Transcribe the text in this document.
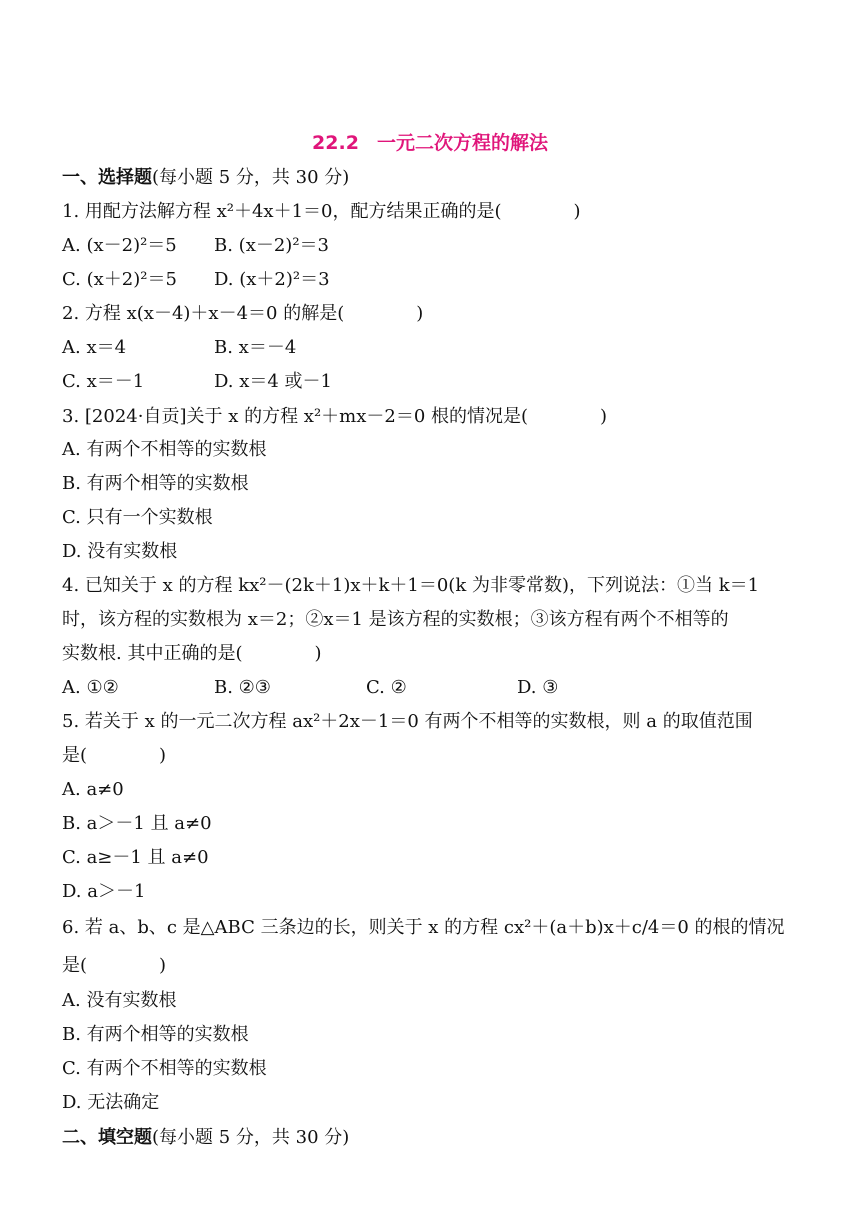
22.2 一元二次方程的解法
一、选择题(每小题 5 分，共 30 分)
1. 用配方法解方程 x²＋4x＋1＝0，配方结果正确的是(　　　　)
A. (x－2)²＝5 B. (x－2)²＝3
C. (x＋2)²＝5 D. (x＋2)²＝3
2. 方程 x(x－4)＋x－4＝0 的解是(　　　　)
A. x＝4	B. x＝－4
C. x＝－1	D. x＝4 或－1
3. [2024·自贡]关于 x 的方程 x²＋mx－2＝0 根的情况是(　　　　)
A. 有两个不相等的实数根
B. 有两个相等的实数根
C. 只有一个实数根
D. 没有实数根
4. 已知关于 x 的方程 kx²－(2k＋1)x＋k＋1＝0(k 为非零常数)，下列说法：①当 k＝1
时，该方程的实数根为 x＝2；②x＝1 是该方程的实数根；③该方程有两个不相等的
实数根. 其中正确的是(　　　　)
A. ①②	B. ②③	C. ②	D. ③
5. 若关于 x 的一元二次方程 ax²＋2x－1＝0 有两个不相等的实数根，则 a 的取值范围
是(　　　　)
A. a≠0
B. a＞－1 且 a≠0
C. a≥－1 且 a≠0
D. a＞－1
6. 若 a、b、c 是△ABC 三条边的长，则关于 x 的方程 cx²＋(a＋b)x＋c/4＝0 的根的情况
是(　　　　)
A. 没有实数根
B. 有两个相等的实数根
C. 有两个不相等的实数根
D. 无法确定
二、填空题(每小题 5 分，共 30 分)
